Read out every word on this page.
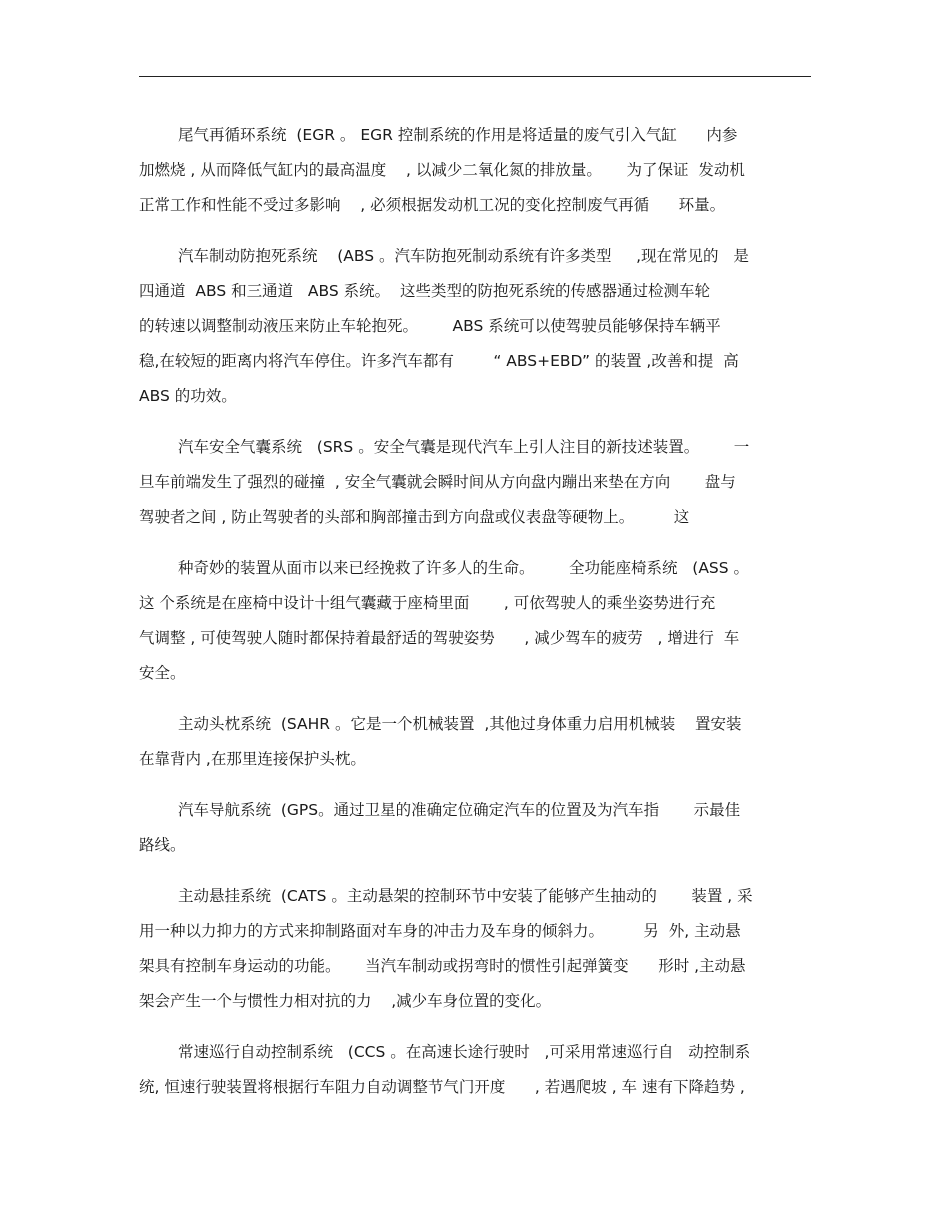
尾气再循环系统  (EGR 。 EGR 控制系统的作用是将适量的废气引入气缸      内参
加燃烧 , 从而降低气缸内的最高温度    , 以减少二氧化氮的排放量。     为了保证  发动机
正常工作和性能不受过多影响    , 必须根据发动机工况的变化控制废气再循      环量。
汽车制动防抱死系统    (ABS 。汽车防抱死制动系统有许多类型     ,现在常见的   是
四通道  ABS 和三通道   ABS 系统。  这些类型的防抱死系统的传感器通过检测车轮
的转速以调整制动液压来防止车轮抱死。       ABS 系统可以使驾驶员能够保持车辆平
稳,在较短的距离内将汽车停住。许多汽车都有        “ ABS+EBD” 的装置 ,改善和提  高
ABS 的功效。
汽车安全气囊系统   (SRS 。安全气囊是现代汽车上引人注目的新技述装置。       一
旦车前端发生了强烈的碰撞  , 安全气囊就会瞬时间从方向盘内蹦出来垫在方向       盘与
驾驶者之间 , 防止驾驶者的头部和胸部撞击到方向盘或仪表盘等硬物上。        这
种奇妙的装置从面市以来已经挽救了许多人的生命。       全功能座椅系统   (ASS 。
这 个系统是在座椅中设计十组气囊藏于座椅里面       , 可依驾驶人的乘坐姿势进行充
气调整 , 可使驾驶人随时都保持着最舒适的驾驶姿势      , 减少驾车的疲劳   , 增进行  车
安全。
主动头枕系统  (SAHR 。它是一个机械装置  ,其他过身体重力启用机械装    置安装
在靠背内 ,在那里连接保护头枕。
汽车导航系统  (GPS。通过卫星的准确定位确定汽车的位置及为汽车指       示最佳
路线。
主动悬挂系统  (CATS 。主动悬架的控制环节中安装了能够产生抽动的       装置 , 采
用一种以力抑力的方式来抑制路面对车身的冲击力及车身的倾斜力。        另  外, 主动悬
架具有控制车身运动的功能。     当汽车制动或拐弯时的惯性引起弹簧变      形时 ,主动悬
架会产生一个与惯性力相对抗的力    ,减少车身位置的变化。
常速巡行自动控制系统   (CCS 。在高速长途行驶时   ,可采用常速巡行自   动控制系
统, 恒速行驶装置将根据行车阻力自动调整节气门开度      , 若遇爬坡 , 车 速有下降趋势 ,
